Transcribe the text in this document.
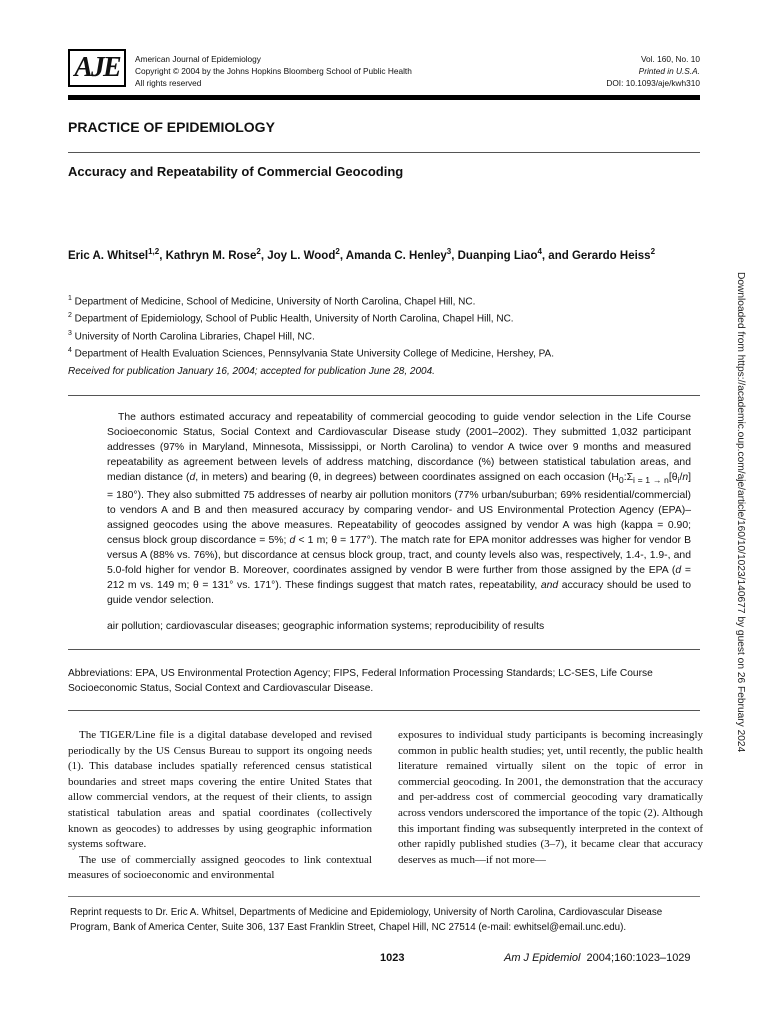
AJE American Journal of Epidemiology
Copyright © 2004 by the Johns Hopkins Bloomberg School of Public Health
All rights reserved
Vol. 160, No. 10
Printed in U.S.A.
DOI: 10.1093/aje/kwh310
PRACTICE OF EPIDEMIOLOGY
Accuracy and Repeatability of Commercial Geocoding
Eric A. Whitsel$^{1,2}$, Kathryn M. Rose$^2$, Joy L. Wood$^2$, Amanda C. Henley$^3$, Duanping Liao$^4$, and Gerardo Heiss$^2$
$^1$ Department of Medicine, School of Medicine, University of North Carolina, Chapel Hill, NC.
$^2$ Department of Epidemiology, School of Public Health, University of North Carolina, Chapel Hill, NC.
$^3$ University of North Carolina Libraries, Chapel Hill, NC.
$^4$ Department of Health Evaluation Sciences, Pennsylvania State University College of Medicine, Hershey, PA.
Received for publication January 16, 2004; accepted for publication June 28, 2004.
The authors estimated accuracy and repeatability of commercial geocoding to guide vendor selection in the Life Course Socioeconomic Status, Social Context and Cardiovascular Disease study (2001–2002). They submitted 1,032 participant addresses (97% in Maryland, Minnesota, Mississippi, or North Carolina) to vendor A twice over 9 months and measured repeatability as agreement between levels of address matching, discordance (%) between statistical tabulation areas, and median distance (d, in meters) and bearing (θ, in degrees) between coordinates assigned on each occasion $(H_0:\Sigma_{i = 1 \to n}[\theta_i/n] = 180^\circ)$. They also submitted 75 addresses of nearby air pollution monitors (77% urban/suburban; 69% residential/commercial) to vendors A and B and then measured accuracy by comparing vendor- and US Environmental Protection Agency (EPA)–assigned geocodes using the above measures. Repeatability of geocodes assigned by vendor A was high (kappa = 0.90; census block group discordance = 5%; d < 1 m; θ = 177°). The match rate for EPA monitor addresses was higher for vendor B versus A (88% vs. 76%), but discordance at census block group, tract, and county levels also was, respectively, 1.4-, 1.9-, and 5.0-fold higher for vendor B. Moreover, coordinates assigned by vendor B were further from those assigned by the EPA (d = 212 m vs. 149 m; θ = 131° vs. 171°). These findings suggest that match rates, repeatability, and accuracy should be used to guide vendor selection.
air pollution; cardiovascular diseases; geographic information systems; reproducibility of results
Abbreviations: EPA, US Environmental Protection Agency; FIPS, Federal Information Processing Standards; LC-SES, Life Course Socioeconomic Status, Social Context and Cardiovascular Disease.

The TIGER/Line file is a digital database developed and revised periodically by the US Census Bureau to support its ongoing needs (1). This database includes spatially referenced census statistical boundaries and street maps covering the entire United States that allow commercial vendors, at the request of their clients, to assign statistical tabulation areas and spatial coordinates (collectively known as geocodes) to addresses by using geographic information systems software.

The use of commercially assigned geocodes to link contextual measures of socioeconomic and environmental

exposures to individual study participants is becoming increasingly common in public health studies; yet, until recently, the public health literature remained virtually silent on the topic of error in commercial geocoding. In 2001, the demonstration that the accuracy and per-address cost of commercial geocoding vary dramatically across vendors underscored the importance of the topic (2). Although this important finding was subsequently interpreted in the context of other rapidly published studies (3–7), it became clear that accuracy deserves as much—if not more—

Reprint requests to Dr. Eric A. Whitsel, Departments of Medicine and Epidemiology, University of North Carolina, Cardiovascular Disease Program, Bank of America Center, Suite 306, 137 East Franklin Street, Chapel Hill, NC 27514 (e-mail: ewhitsel@email.unc.edu).
1023	Am J Epidemiol 2004;160:1023–1029
Downloaded from https://academic.oup.com/aje/article/160/10/1023/140677 by guest on 26 February 2024
